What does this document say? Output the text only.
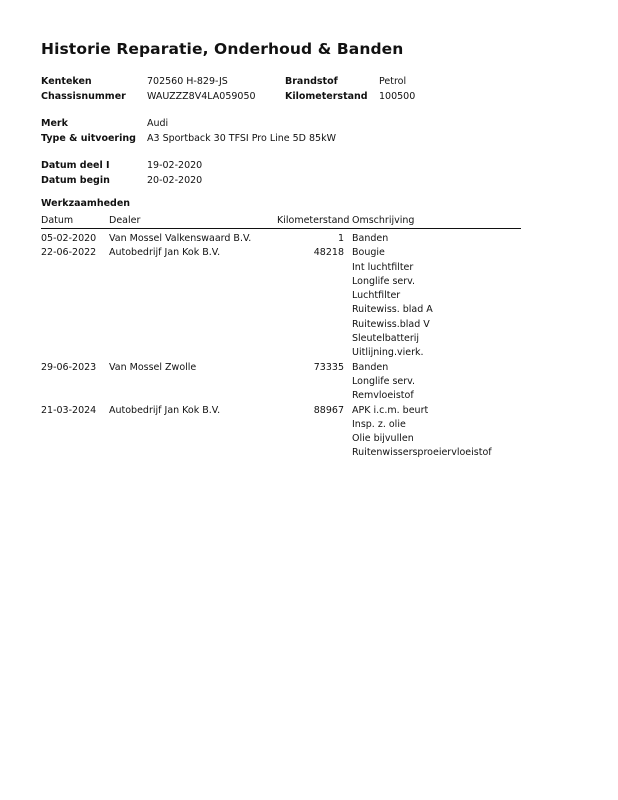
Historie Reparatie, Onderhoud & Banden
Kenteken	702560 H-829-JS	Brandstof	Petrol
Chassisnummer WAUZZZ8V4LA059050	Kilometerstand 100500
Merk	Audi
Type & uitvoering A3 Sportback 30 TFSI Pro Line 5D 85kW
Datum deel I	19-02-2020
Datum begin	20-02-2020
Werkzaamheden
Datum	Dealer	Kilometerstand Omschrijving
05-02-2020 Van Mossel Valkenswaard B.V.	1 Banden
22-06-2022 Autobedrijf Jan Kok B.V.	48218 Bougie
Int luchtfilter
Longlife serv.
Luchtfilter
Ruitewiss. blad A
Ruitewiss.blad V
Sleutelbatterij
Uitlijning.vierk.
29-06-2023 Van Mossel Zwolle	73335 Banden
Longlife serv.
Remvloeistof
21-03-2024 Autobedrijf Jan Kok B.V.	88967 APK i.c.m. beurt
Insp. z. olie
Olie bijvullen
Ruitenwissersproeiervloeistof
